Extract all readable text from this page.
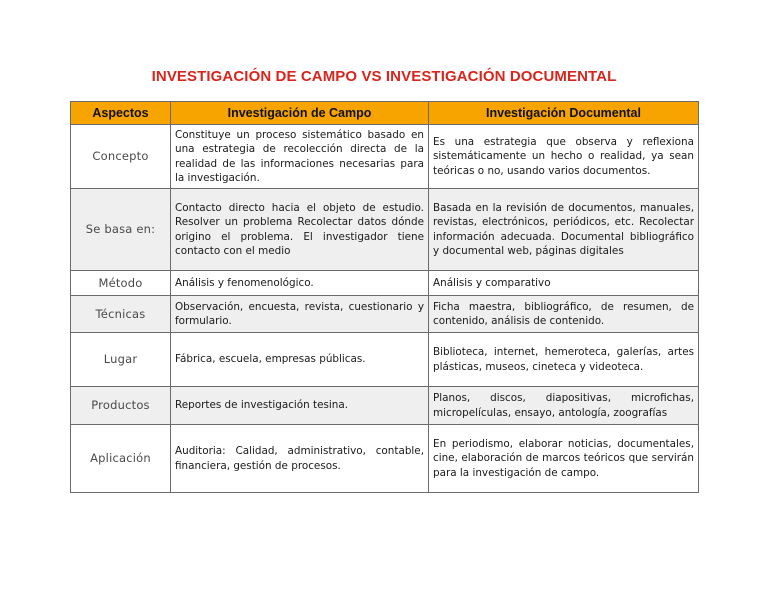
INVESTIGACIÓN DE CAMPO VS INVESTIGACIÓN DOCUMENTAL
Aspectos	Investigación de Campo	Investigación Documental
Concepto	Constituye un proceso sistemático basado en una estrategia de recolección directa de la realidad de las informaciones necesarias para la investigación.	Es una estrategia que observa y reflexiona sistemáticamente un hecho o realidad, ya sean teóricas o no, usando varios documentos.
Se basa en:	Contacto directo hacia el objeto de estudio. Resolver un problema Recolectar datos dónde origino el problema. El investigador tiene contacto con el medio	Basada en la revisión de documentos, manuales, revistas, electrónicos, periódicos, etc. Recolectar información adecuada. Documental bibliográfico y documental web, páginas digitales
Método	Análisis y fenomenológico.	Análisis y comparativo
Técnicas	Observación, encuesta, revista, cuestionario y formulario.	Ficha maestra, bibliográfico, de resumen, de contenido, análisis de contenido.
Lugar	Fábrica, escuela, empresas públicas.	Biblioteca, internet, hemeroteca, galerías, artes plásticas, museos, cineteca y videoteca.
Productos	Reportes de investigación tesina.	Planos, discos, diapositivas, microfichas, micropelículas, ensayo, antología, zoografías
Aplicación	Auditoria: Calidad, administrativo, contable, financiera, gestión de procesos.	En periodismo, elaborar noticias, documentales, cine, elaboración de marcos teóricos que servirán para la investigación de campo.
